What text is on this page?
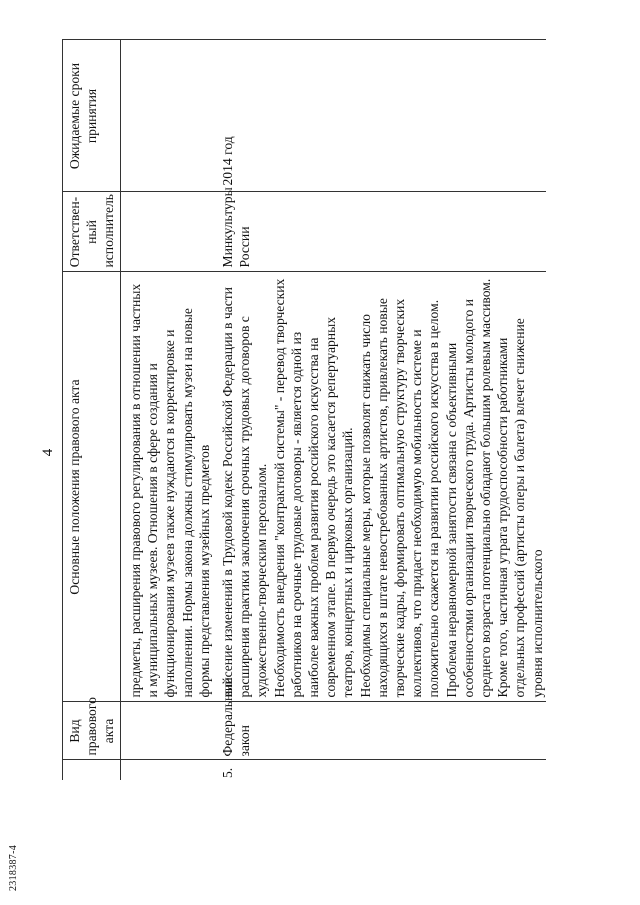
2318387-4
4
	Вид правового акта	Основные положения правового акта	Ответствен-ный исполнитель	Ожидаемые сроки принятия

		предметы, расширения правового регулирования в отношении частных и муниципальных музеев. Отношения в сфере создания и функционирования музеев также нуждаются в корректировке и наполнении. Нормы закона должны стимулировать музеи на новые формы представления музейных предметов		

5.	Федеральный закон	внесение изменений в Трудовой кодекс Российской Федерации в части расширения практики заключения срочных трудовых договоров с художественно-творческим персоналом. Необходимость внедрения "контрактной системы" - перевод творческих работников на срочные трудовые договоры - является одной из наиболее важных проблем развития российского искусства на современном этапе. В первую очередь это касается репертуарных театров, концертных и цирковых организаций. Необходимы специальные меры, которые позволят снижать число находящихся в штате невостребованных артистов, привлекать новые творческие кадры, формировать оптимальную структуру творческих коллективов, что придаст необходимую мобильность системе и положительно скажется на развитии российского искусства в целом. Проблема неравномерной занятости связана с объективными особенностями организации творческого труда. Артисты молодого и среднего возраста потенциально обладают большим ролевым массивом. Кроме того, частичная утрата трудоспособности работниками отдельных профессий (артисты оперы и балета) влечет снижение уровня исполнительского	Минкультуры России	2014 год
